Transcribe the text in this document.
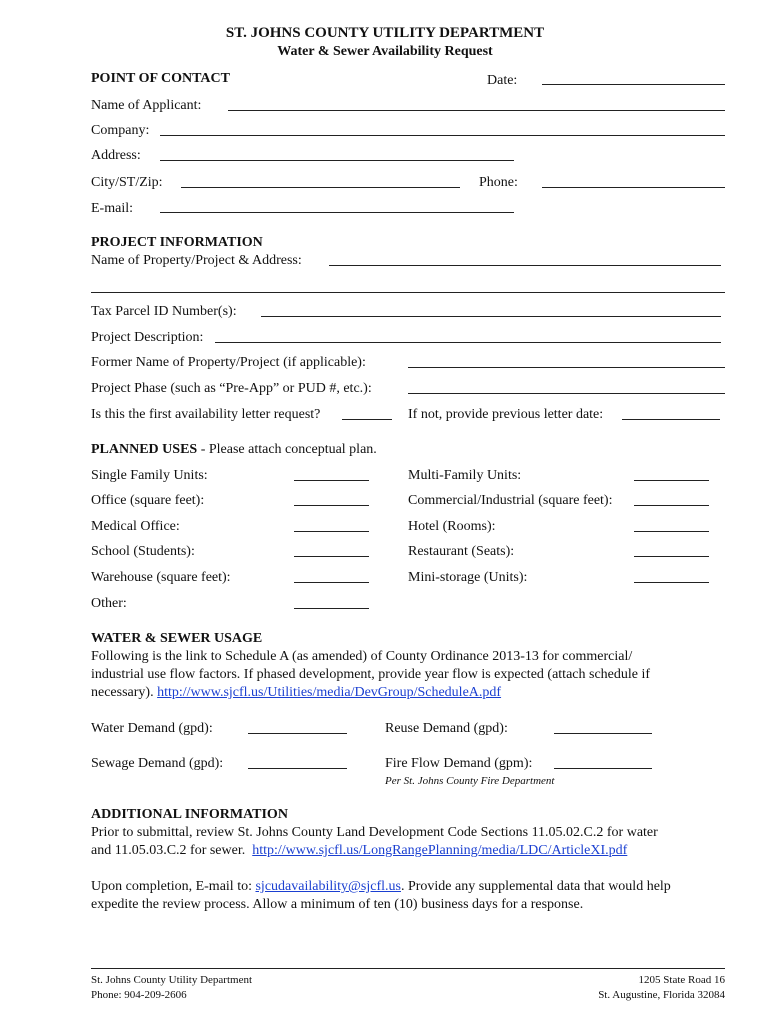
ST. JOHNS COUNTY UTILITY DEPARTMENT
Water & Sewer Availability Request
POINT OF CONTACT	Date:
Name of Applicant:
Company:
Address:
City/ST/Zip:	Phone:
E-mail:
PROJECT INFORMATION
Name of Property/Project & Address:
Tax Parcel ID Number(s):
Project Description:
Former Name of Property/Project (if applicable):
Project Phase (such as “Pre-App” or PUD #, etc.):
Is this the first availability letter request?	If not, provide previous letter date:
PLANNED USES - Please attach conceptual plan.
Single Family Units:	Multi-Family Units:
Office (square feet):	Commercial/Industrial (square feet):
Medical Office:	Hotel (Rooms):
School (Students):	Restaurant (Seats):
Warehouse (square feet):	Mini-storage (Units):
Other:
WATER & SEWER USAGE
Following is the link to Schedule A (as amended) of County Ordinance 2013-13 for commercial/
industrial use flow factors. If phased development, provide year flow is expected (attach schedule if
necessary). http://www.sjcfl.us/Utilities/media/DevGroup/ScheduleA.pdf
Water Demand (gpd):	Reuse Demand (gpd):
Sewage Demand (gpd):	Fire Flow Demand (gpm):
Per St. Johns County Fire Department
ADDITIONAL INFORMATION
Prior to submittal, review St. Johns County Land Development Code Sections 11.05.02.C.2 for water
and 11.05.03.C.2 for sewer. http://www.sjcfl.us/LongRangePlanning/media/LDC/ArticleXI.pdf
Upon completion, E-mail to: sjcudavailability@sjcfl.us. Provide any supplemental data that would help
expedite the review process. Allow a minimum of ten (10) business days for a response.
St. Johns County Utility Department
Phone: 904-209-2606
1205 State Road 16
St. Augustine, Florida 32084
